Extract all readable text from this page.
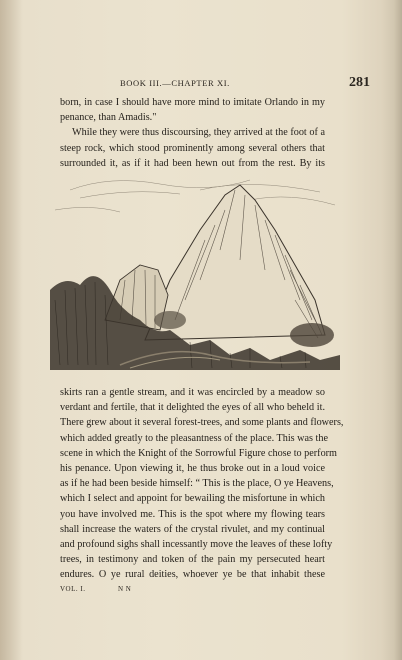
BOOK III.—CHAPTER XI.	281

born, in case I should have more mind to imitate Orlando in my
penance, than Amadis."

While they were thus discoursing, they arrived at the foot of a
steep rock, which stood prominently among several others that
surrounded it, as if it had been hewn out from the rest. By its

skirts ran a gentle stream, and it was encircled by a meadow so
verdant and fertile, that it delighted the eyes of all who beheld it.
There grew about it several forest-trees, and some plants and flowers,
which added greatly to the pleasantness of the place. This was the
scene in which the Knight of the Sorrowful Figure chose to perform
his penance. Upon viewing it, he thus broke out in a loud voice
as if he had been beside himself: “ This is the place, O ye Heavens,
which I select and appoint for bewailing the misfortune in which
you have involved me. This is the spot where my flowing tears
shall increase the waters of the crystal rivulet, and my continual
and profound sighs shall incessantly move the leaves of these lofty
trees, in testimony and token of the pain my persecuted heart
endures. O ye rural deities, whoever ye be that inhabit these

VOL. I.	N N
